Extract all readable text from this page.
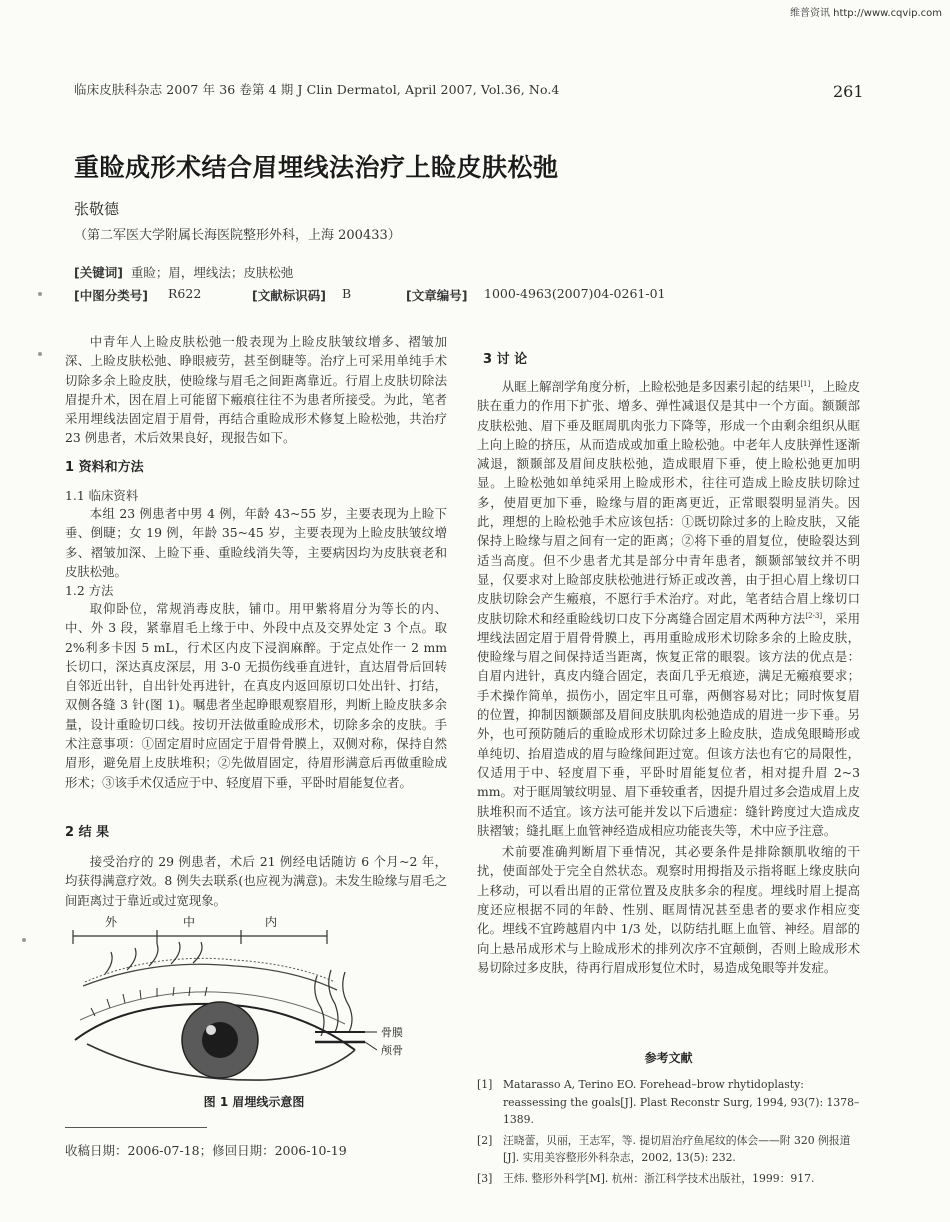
维普资讯 http://www.cqvip.com
临床皮肤科杂志 2007 年 36 卷第 4 期 J Clin Dermatol, April 2007, Vol.36, No.4	261
重睑成形术结合眉埋线法治疗上睑皮肤松弛
张敬德
（第二军医大学附属长海医院整形外科，上海 200433）
[关键词] 重睑；眉，埋线法；皮肤松弛
[中图分类号] R622	[文献标识码] B	[文章编号] 1000-4963(2007)04-0261-01

中青年人上睑皮肤松弛一般表现为上睑皮肤皱纹增多、褶皱加深、上睑皮肤松弛、睁眼疲劳，甚至倒睫等。治疗上可采用单纯手术切除多余上睑皮肤，使睑缘与眉毛之间距离靠近。行眉上皮肤切除法眉提升术，因在眉上可能留下瘢痕往往不为患者所接受。为此，笔者采用埋线法固定眉于眉骨，再结合重睑成形术修复上睑松弛，共治疗 23 例患者，术后效果良好，现报告如下。

1 资料和方法
1.1 临床资料

本组 23 例患者中男 4 例，年龄 43~55 岁，主要表现为上睑下垂、倒睫；女 19 例，年龄 35~45 岁，主要表现为上睑皮肤皱纹增多、褶皱加深、上睑下垂、重睑线消失等，主要病因均为皮肤衰老和皮肤松弛。

1.2 方法

取仰卧位，常规消毒皮肤，铺巾。用甲紫将眉分为等长的内、中、外 3 段，紧靠眉毛上缘于中、外段中点及交界处定 3 个点。取 2%利多卡因 5 mL，行术区内皮下浸润麻醉。于定点处作一 2 mm 长切口，深达真皮深层，用 3-0 无损伤线垂直进针，直达眉骨后回转自邻近出针，自出针处再进针，在真皮内返回原切口处出针、打结，双侧各缝 3 针(图 1)。嘱患者坐起睁眼观察眉形，判断上睑皮肤多余量，设计重睑切口线。按切开法做重睑成形术，切除多余的皮肤。手术注意事项：①固定眉时应固定于眉骨骨膜上，双侧对称，保持自然眉形，避免眉上皮肤堆积；②先做眉固定，待眉形满意后再做重睑成形术；③该手术仅适应于中、轻度眉下垂，平卧时眉能复位者。

2 结 果

接受治疗的 29 例患者，术后 21 例经电话随访 6 个月~2 年，均获得满意疗效。8 例失去联系(也应视为满意)。未发生睑缘与眉毛之间距离过于靠近或过宽现象。

外	中	内
骨膜
颅骨
图 1 眉埋线示意图
收稿日期：2006-07-18；修回日期：2006-10-19
3 讨 论

从眶上解剖学角度分析，上睑松弛是多因素引起的结果[1]，上睑皮肤在重力的作用下扩张、增多、弹性减退仅是其中一个方面。额颞部皮肤松弛、眉下垂及眶周肌肉张力下降等，形成一个由剩余组织从眶上向上睑的挤压，从而造成或加重上睑松弛。中老年人皮肤弹性逐渐减退，额颞部及眉间皮肤松弛，造成眼眉下垂，使上睑松弛更加明显。上睑松弛如单纯采用上睑成形术，往往可造成上睑皮肤切除过多，使眉更加下垂，睑缘与眉的距离更近，正常眼裂明显消失。因此，理想的上睑松弛手术应该包括：①既切除过多的上睑皮肤，又能保持上睑缘与眉之间有一定的距离；②将下垂的眉复位，使睑裂达到适当高度。但不少患者尤其是部分中青年患者，额颞部皱纹并不明显，仅要求对上睑部皮肤松弛进行矫正或改善，由于担心眉上缘切口皮肤切除会产生瘢痕，不愿行手术治疗。对此，笔者结合眉上缘切口皮肤切除术和经重睑线切口皮下分离缝合固定眉术两种方法[2-3]，采用埋线法固定眉于眉骨骨膜上，再用重睑成形术切除多余的上睑皮肤，使睑缘与眉之间保持适当距离，恢复正常的眼裂。该方法的优点是：自眉内进针，真皮内缝合固定，表面几乎无痕迹，满足无瘢痕要求；手术操作简单，损伤小，固定牢且可靠，两侧容易对比；同时恢复眉的位置，抑制因额颞部及眉间皮肤肌肉松弛造成的眉进一步下垂。另外，也可预防随后的重睑成形术切除过多上睑皮肤，造成兔眼畸形或单纯切、抬眉造成的眉与睑缘间距过宽。但该方法也有它的局限性，仅适用于中、轻度眉下垂，平卧时眉能复位者，相对提升眉 2~3 mm。对于眶周皱纹明显、眉下垂较重者，因提升眉过多会造成眉上皮肤堆积而不适宜。该方法可能并发以下后遗症：缝针跨度过大造成皮肤褶皱；缝扎眶上血管神经造成相应功能丧失等，术中应予注意。

术前要准确判断眉下垂情况，其必要条件是排除额肌收缩的干扰，使面部处于完全自然状态。观察时用拇指及示指将眶上缘皮肤向上移动，可以看出眉的正常位置及皮肤多余的程度。埋线时眉上提高度还应根据不同的年龄、性别、眶周情况甚至患者的要求作相应变化。埋线不宜跨越眉内中 1/3 处，以防结扎眶上血管、神经。眉部的向上悬吊成形术与上睑成形术的排列次序不宜颠倒，否则上睑成形术易切除过多皮肤，待再行眉成形复位术时，易造成兔眼等并发症。

参考文献
[1] Matarasso A, Terino EO. Forehead–brow rhytidoplasty: reassessing the goals[J]. Plast Reconstr Surg, 1994, 93(7): 1378–1389.
[2] 汪晓蕾，贝丽，王志军，等. 提切眉治疗鱼尾纹的体会——附 320 例报道[J]. 实用美容整形外科杂志，2002, 13(5): 232.
[3] 王炜. 整形外科学[M]. 杭州：浙江科学技术出版社，1999：917.
